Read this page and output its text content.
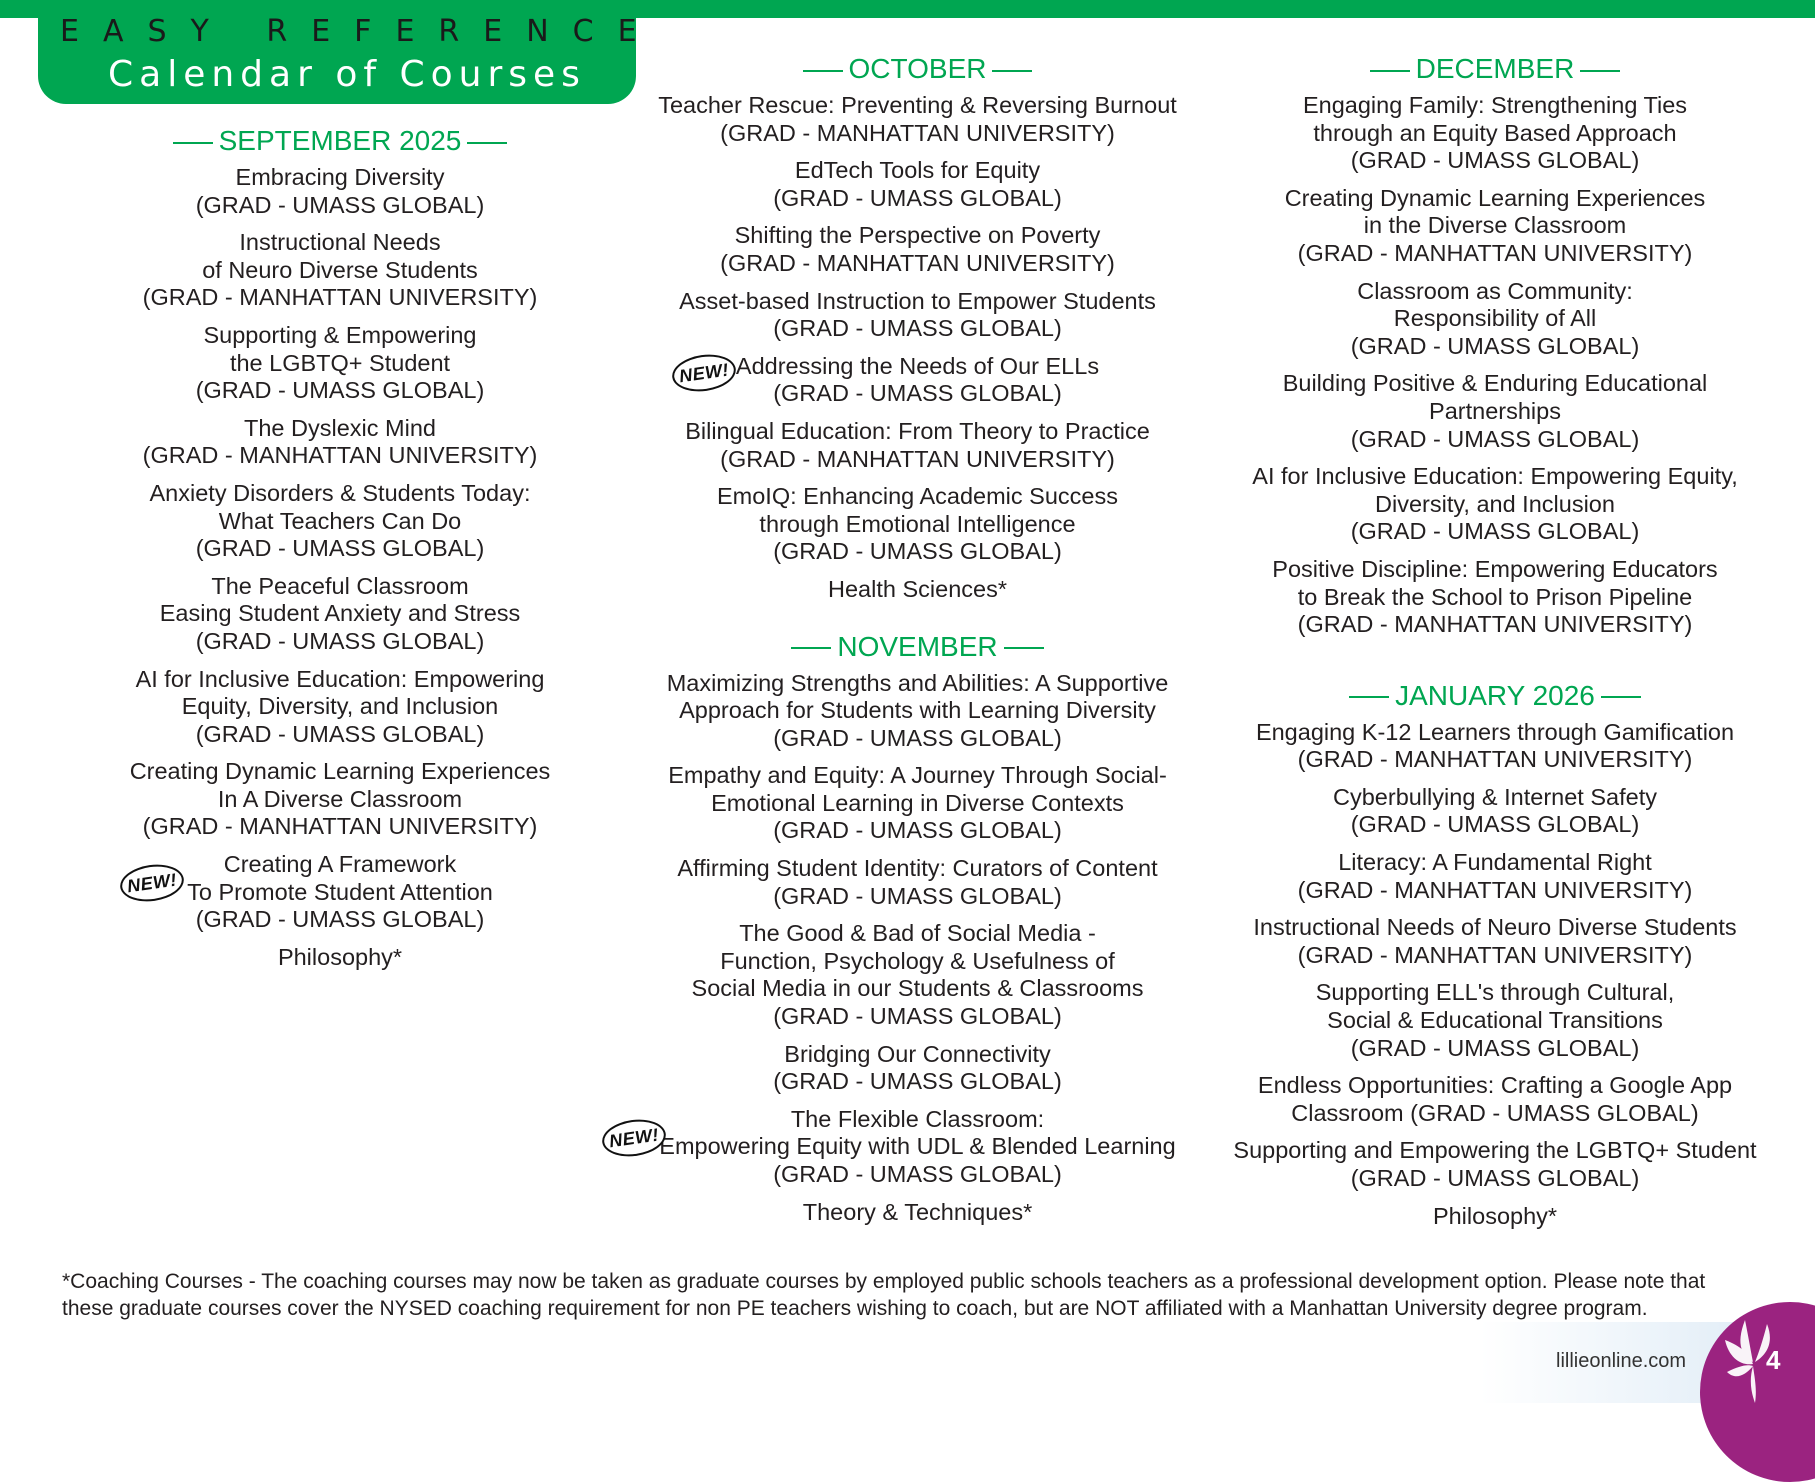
EASY REFERENCE
Calendar of Courses
SEPTEMBER 2025
Embracing Diversity
(GRAD - UMASS GLOBAL)
Instructional Needs
of Neuro Diverse Students
(GRAD - MANHATTAN UNIVERSITY)
Supporting & Empowering
the LGBTQ+ Student
(GRAD - UMASS GLOBAL)
The Dyslexic Mind
(GRAD - MANHATTAN UNIVERSITY)
Anxiety Disorders & Students Today:
What Teachers Can Do
(GRAD - UMASS GLOBAL)
The Peaceful Classroom
Easing Student Anxiety and Stress
(GRAD - UMASS GLOBAL)
AI for Inclusive Education: Empowering
Equity, Diversity, and Inclusion
(GRAD - UMASS GLOBAL)
Creating Dynamic Learning Experiences
In A Diverse Classroom
(GRAD - MANHATTAN UNIVERSITY)
Creating A Framework
To Promote Student Attention
(GRAD - UMASS GLOBAL)
NEW!
Philosophy*
OCTOBER
Teacher Rescue: Preventing & Reversing Burnout
(GRAD - MANHATTAN UNIVERSITY)
EdTech Tools for Equity
(GRAD - UMASS GLOBAL)
Shifting the Perspective on Poverty
(GRAD - MANHATTAN UNIVERSITY)
Asset-based Instruction to Empower Students
(GRAD - UMASS GLOBAL)
Addressing the Needs of Our ELLs
(GRAD - UMASS GLOBAL)
NEW!
Bilingual Education: From Theory to Practice
(GRAD - MANHATTAN UNIVERSITY)
EmoIQ: Enhancing Academic Success
through Emotional Intelligence
(GRAD - UMASS GLOBAL)
Health Sciences*
NOVEMBER
Maximizing Strengths and Abilities: A Supportive
Approach for Students with Learning Diversity
(GRAD - UMASS GLOBAL)
Empathy and Equity: A Journey Through Social-
Emotional Learning in Diverse Contexts
(GRAD - UMASS GLOBAL)
Affirming Student Identity: Curators of Content
(GRAD - UMASS GLOBAL)
The Good & Bad of Social Media -
Function, Psychology & Usefulness of
Social Media in our Students & Classrooms
(GRAD - UMASS GLOBAL)
Bridging Our Connectivity
(GRAD - UMASS GLOBAL)
The Flexible Classroom:
Empowering Equity with UDL & Blended Learning
(GRAD - UMASS GLOBAL)
NEW!
Theory & Techniques*
DECEMBER
Engaging Family: Strengthening Ties
through an Equity Based Approach
(GRAD - UMASS GLOBAL)
Creating Dynamic Learning Experiences
in the Diverse Classroom
(GRAD - MANHATTAN UNIVERSITY)
Classroom as Community:
Responsibility of All
(GRAD - UMASS GLOBAL)
Building Positive & Enduring Educational
Partnerships
(GRAD - UMASS GLOBAL)
AI for Inclusive Education: Empowering Equity,
Diversity, and Inclusion
(GRAD - UMASS GLOBAL)
Positive Discipline: Empowering Educators
to Break the School to Prison Pipeline
(GRAD - MANHATTAN UNIVERSITY)
JANUARY 2026
Engaging K-12 Learners through Gamification
(GRAD - MANHATTAN UNIVERSITY)
Cyberbullying & Internet Safety
(GRAD - UMASS GLOBAL)
Literacy: A Fundamental Right
(GRAD - MANHATTAN UNIVERSITY)
Instructional Needs of Neuro Diverse Students
(GRAD - MANHATTAN UNIVERSITY)
Supporting ELL's through Cultural,
Social & Educational Transitions
(GRAD - UMASS GLOBAL)
Endless Opportunities: Crafting a Google App
Classroom (GRAD - UMASS GLOBAL)
Supporting and Empowering the LGBTQ+ Student
(GRAD - UMASS GLOBAL)
Philosophy*
*Coaching Courses - The coaching courses may now be taken as graduate courses by employed public schools teachers as a professional development option. Please note that these graduate courses cover the NYSED coaching requirement for non PE teachers wishing to coach, but are NOT affiliated with a Manhattan University degree program.
lillieonline.com	4
